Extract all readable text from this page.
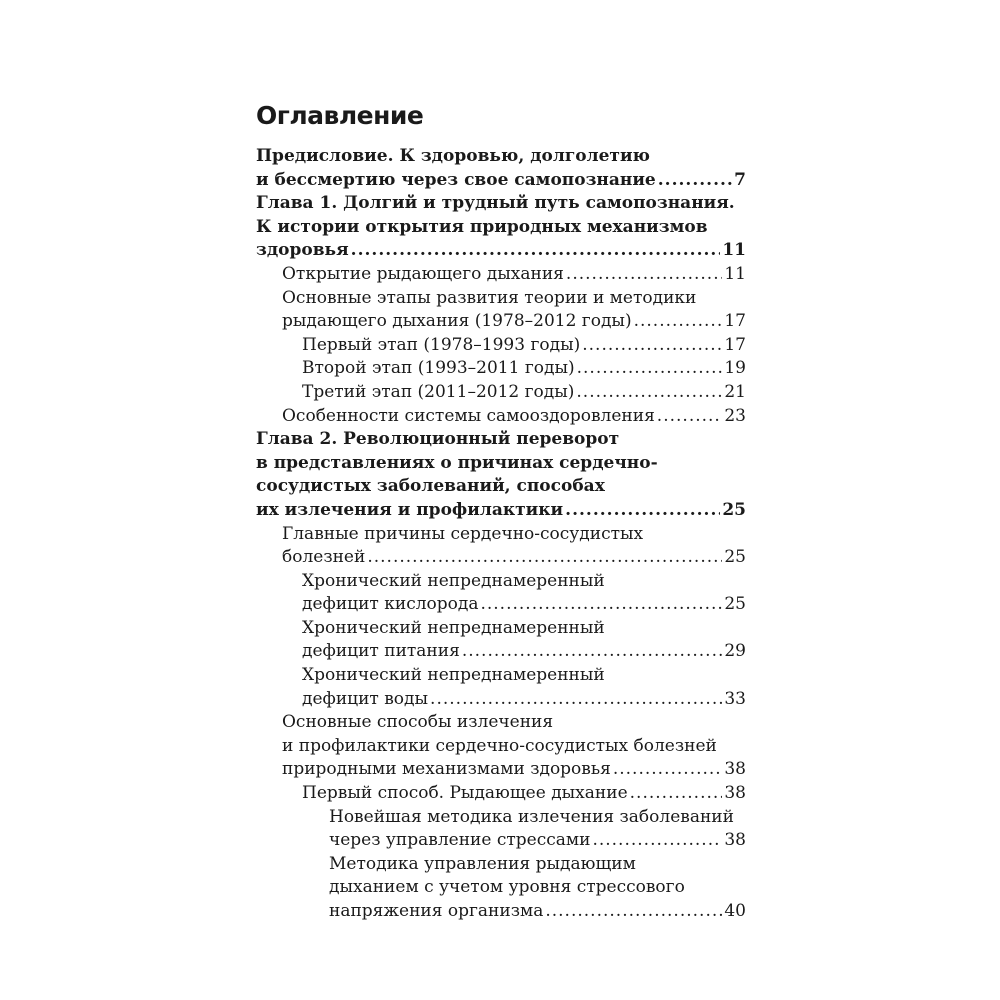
Оглавление
Предисловие. К здоровью, долголетию
и бессмертию через свое самопознание .....	7
Глава 1. Долгий и трудный путь самопознания.
К истории открытия природных механизмов
здоровья .....	11
Открытие рыдающего дыхания .....	11
Основные этапы развития теории и методики
рыдающего дыхания (1978–2012 годы) .....	17
Первый этап (1978–1993 годы) .....	17
Второй этап (1993–2011 годы) .....	19
Третий этап (2011–2012 годы) .....	21
Особенности системы самооздоровления .....	23
Глава 2. Революционный переворот
в представлениях о причинах сердечно-
сосудистых заболеваний, способах
их излечения и профилактики .....	25
Главные причины сердечно-сосудистых
болезней .....	25
Хронический непреднамеренный
дефицит кислорода .....	25
Хронический непреднамеренный
дефицит питания .....	29
Хронический непреднамеренный
дефицит воды .....	33
Основные способы излечения
и профилактики сердечно-сосудистых болезней
природными механизмами здоровья .....	38
Первый способ. Рыдающее дыхание .....	38
Новейшая методика излечения заболеваний
через управление стрессами .....	38
Методика управления рыдающим
дыханием с учетом уровня стрессового
напряжения организма .....	40
